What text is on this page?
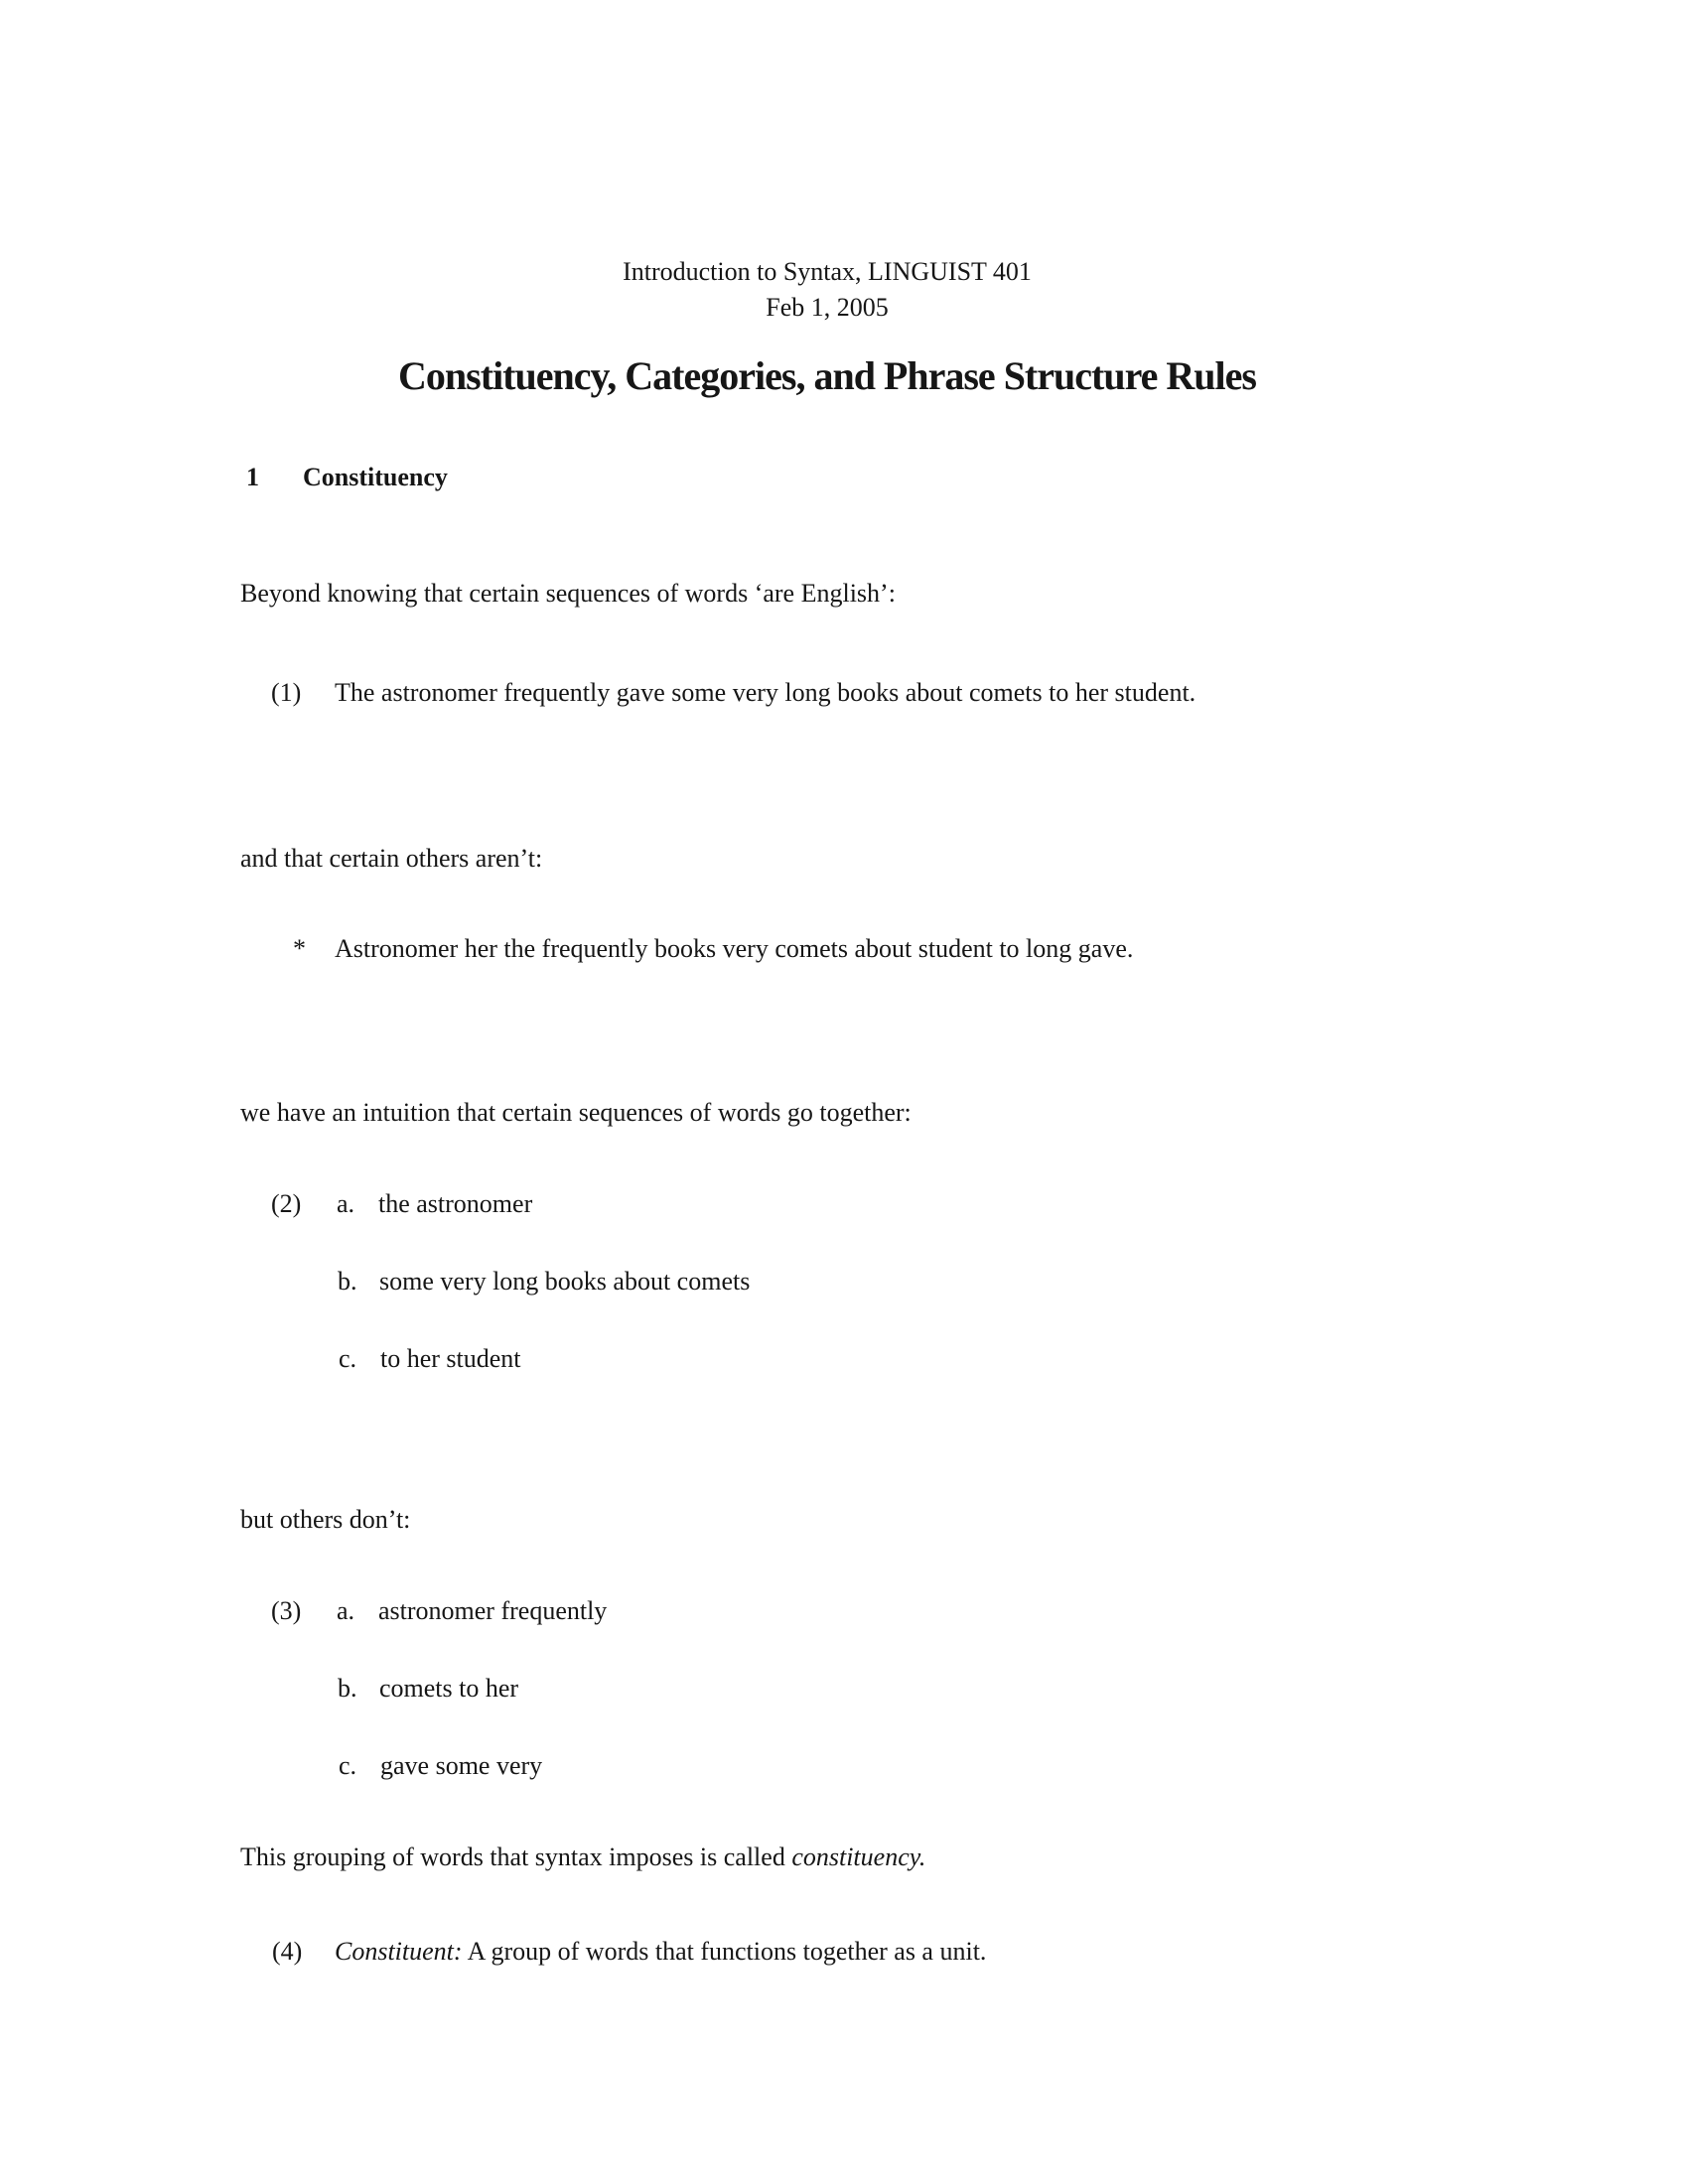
Introduction to Syntax, LINGUIST 401
Feb 1, 2005
Constituency, Categories, and Phrase Structure Rules
1 Constituency
Beyond knowing that certain sequences of words ‘are English’:
(1) The astronomer frequently gave some very long books about comets to her student.
and that certain others aren’t:
* Astronomer her the frequently books very comets about student to long gave.
we have an intuition that certain sequences of words go together:
(2) a. the astronomer
b. some very long books about comets
c. to her student
but others don’t:
(3) a. astronomer frequently
b. comets to her
c. gave some very
This grouping of words that syntax imposes is called constituency.
(4) Constituent: A group of words that functions together as a unit.
